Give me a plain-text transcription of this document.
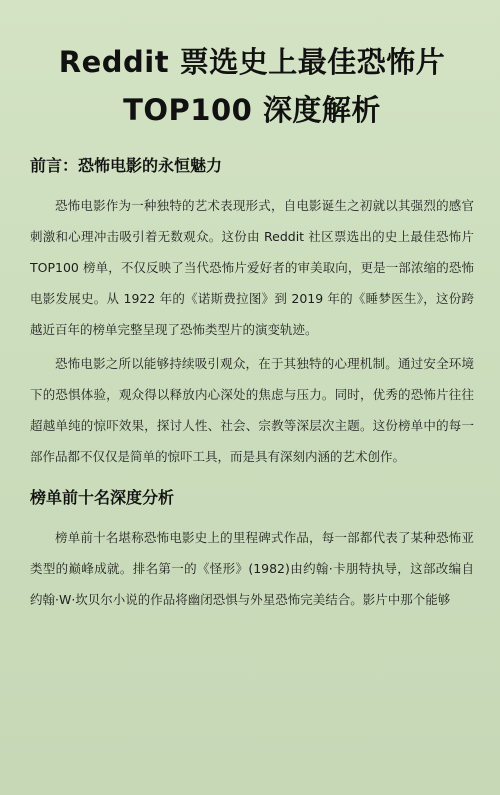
Reddit 票选史上最佳恐怖片
TOP100 深度解析
前言：恐怖电影的永恒魅力

恐怖电影作为一种独特的艺术表现形式，自电影诞生之初就以其强烈的感官刺激和心理冲击吸引着无数观众。这份由 Reddit 社区票选出的史上最佳恐怖片 TOP100 榜单，不仅反映了当代恐怖片爱好者的审美取向，更是一部浓缩的恐怖电影发展史。从 1922 年的《诺斯费拉图》到 2019 年的《睡梦医生》，这份跨越近百年的榜单完整呈现了恐怖类型片的演变轨迹。

恐怖电影之所以能够持续吸引观众，在于其独特的心理机制。通过安全环境下的恐惧体验，观众得以释放内心深处的焦虑与压力。同时，优秀的恐怖片往往超越单纯的惊吓效果，探讨人性、社会、宗教等深层次主题。这份榜单中的每一部作品都不仅仅是简单的惊吓工具，而是具有深刻内涵的艺术创作。

榜单前十名深度分析

榜单前十名堪称恐怖电影史上的里程碑式作品，每一部都代表了某种恐怖亚类型的巅峰成就。排名第一的《怪形》(1982)由约翰·卡朋特执导，这部改编自约翰·W·坎贝尔小说的作品将幽闭恐惧与外星恐怖完美结合。影片中那个能够
